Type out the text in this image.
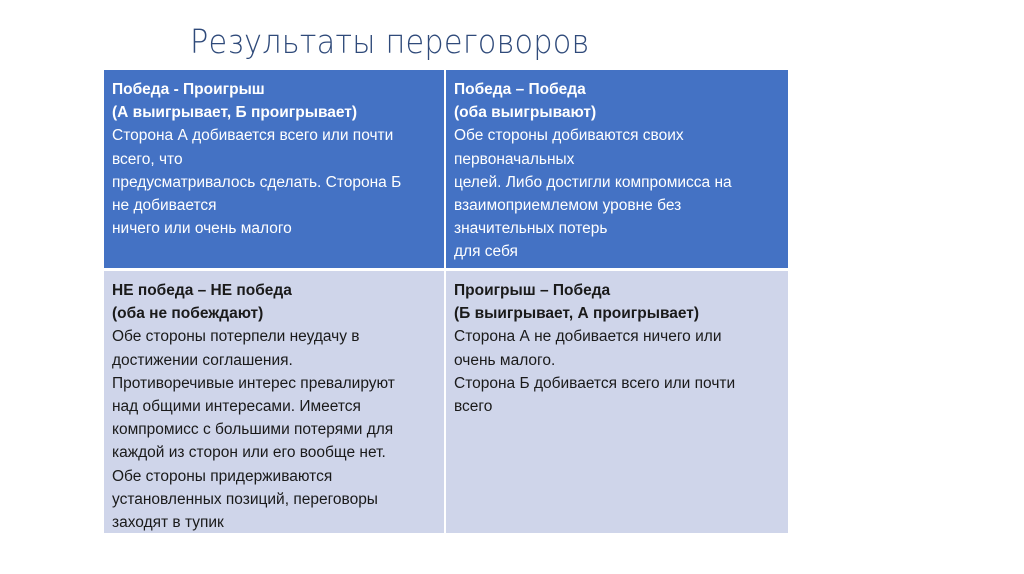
Результаты переговоров
Победа - Проигрыш
(А выигрывает, Б проигрывает)
Сторона А добивается всего или почти
всего, что
предусматривалось сделать. Сторона Б
не добивается
ничего или очень малого
Победа – Победа
(оба выигрывают)
Обе стороны добиваются своих
первоначальных
целей. Либо достигли компромисса на
взаимоприемлемом уровне без
значительных потерь
для себя
НЕ победа – НЕ победа
(оба не побеждают)
Обе стороны потерпели неудачу в
достижении соглашения.
Противоречивые интерес превалируют
над общими интересами. Имеется
компромисс с большими потерями для
каждой из сторон или его вообще нет.
Обе стороны придерживаются
установленных позиций, переговоры
заходят в тупик
Проигрыш – Победа
(Б выигрывает, А проигрывает)
Сторона А не добивается ничего или
очень малого.
Сторона Б добивается всего или почти
всего
